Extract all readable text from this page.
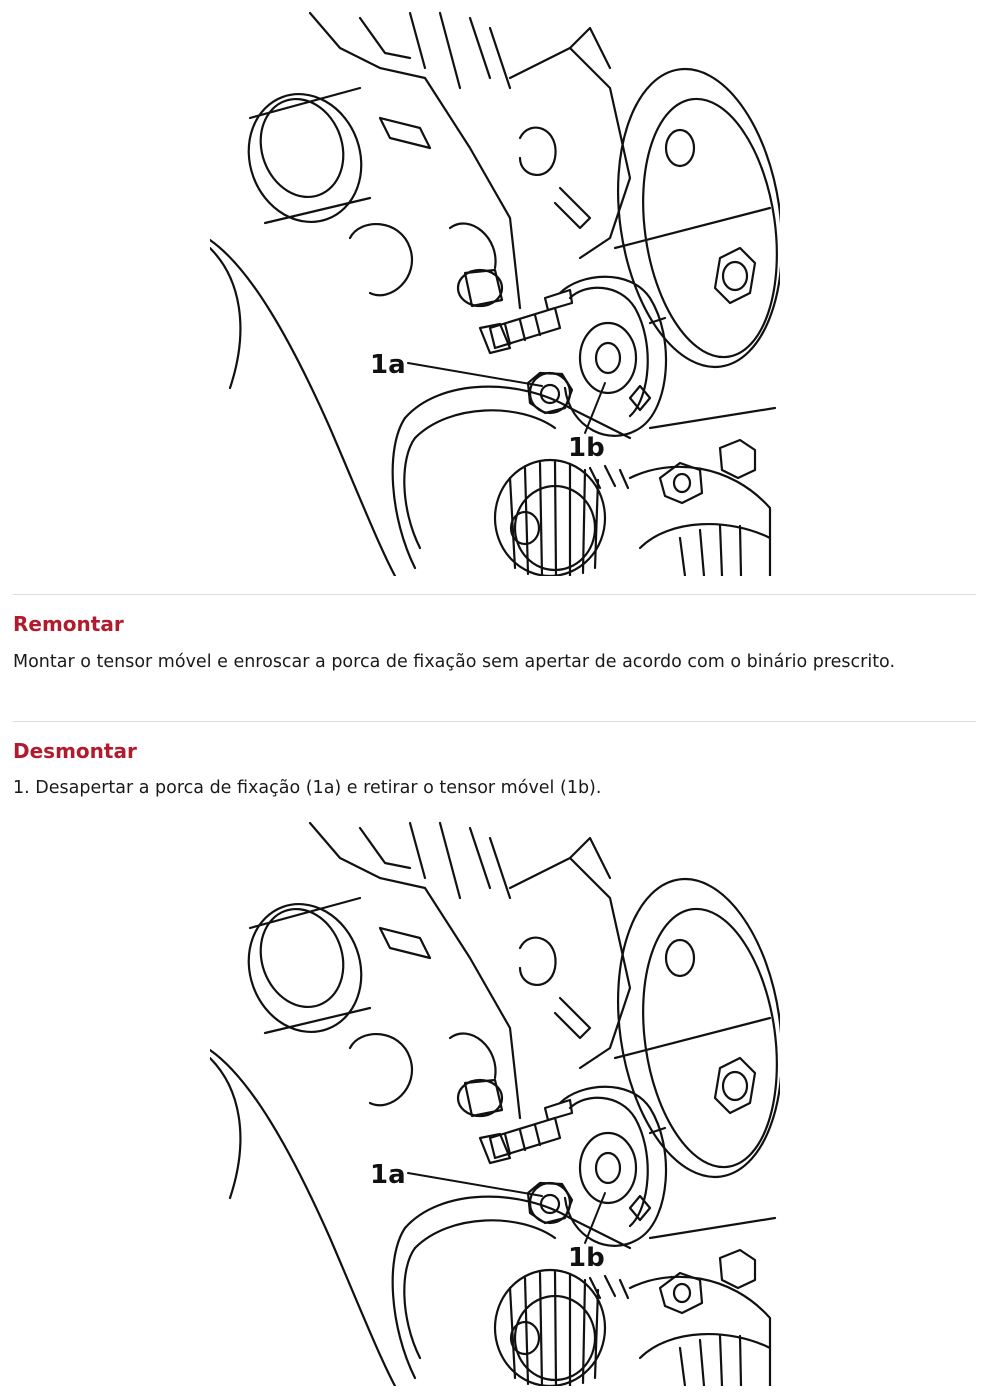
1a
1b
Remontar

Montar o tensor móvel e enroscar a porca de fixação sem apertar de acordo com o binário prescrito.

Desmontar

1. Desapertar a porca de fixação (1a) e retirar o tensor móvel (1b).

1a
1b
